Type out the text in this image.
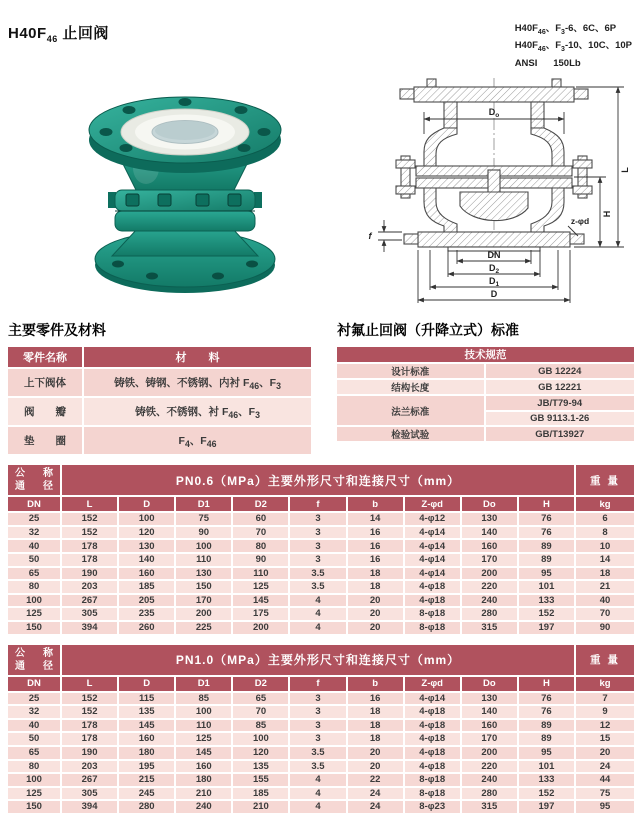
$H40F_{46}$ 止回阀	$H40F_{46}$、$F_3-6$、6C、6P
$H40F_{46}$、$F_3-10$、10C、10P
ANSI      150Lb
$D_o$
L
H
z-φd
f
DN
$D_2$
$D_1$
D
主要零件及材料
零件名称	材　　料
上下阀体	铸铁、铸钢、不锈钢、内衬 $F_{46}$、$F_3$
阀　　瓣	铸铁、不锈钢、衬 $F_{46}$、$F_3$
垫　　圈	$F_4$、$F_{46}$
衬氟止回阀（升降立式）标准
技术规范	
设计标准	GB 12224
结构长度	GB 12221
法兰标准	JB/T79-94
	GB 9113.1-26
检验试验	GB/T13927
公 称
通 径	PN0.6（MPa）主要外形尺寸和连接尺寸（mm）									重 量
DN	L	D	D1	D2	f	b	Z-φd	Do	H	kg
25	152	100	75	60	3	14	4-φ12	130	76	6
32	152	120	90	70	3	16	4-φ14	140	76	8
40	178	130	100	80	3	16	4-φ14	160	89	10
50	178	140	110	90	3	16	4-φ14	170	89	14
65	190	160	130	110	3.5	18	4-φ14	200	95	18
80	203	185	150	125	3.5	18	4-φ18	220	101	21
100	267	205	170	145	4	20	4-φ18	240	133	40
125	305	235	200	175	4	20	8-φ18	280	152	70
150	394	260	225	200	4	20	8-φ18	315	197	90
公 称
通 径	PN1.0（MPa）主要外形尺寸和连接尺寸（mm）									重 量
DN	L	D	D1	D2	f	b	Z-φd	Do	H	kg
25	152	115	85	65	3	16	4-φ14	130	76	7
32	152	135	100	70	3	18	4-φ18	140	76	9
40	178	145	110	85	3	18	4-φ18	160	89	12
50	178	160	125	100	3	18	4-φ18	170	89	15
65	190	180	145	120	3.5	20	4-φ18	200	95	20
80	203	195	160	135	3.5	20	4-φ18	220	101	24
100	267	215	180	155	4	22	8-φ18	240	133	44
125	305	245	210	185	4	24	8-φ18	280	152	75
150	394	280	240	210	4	24	8-φ23	315	197	95
